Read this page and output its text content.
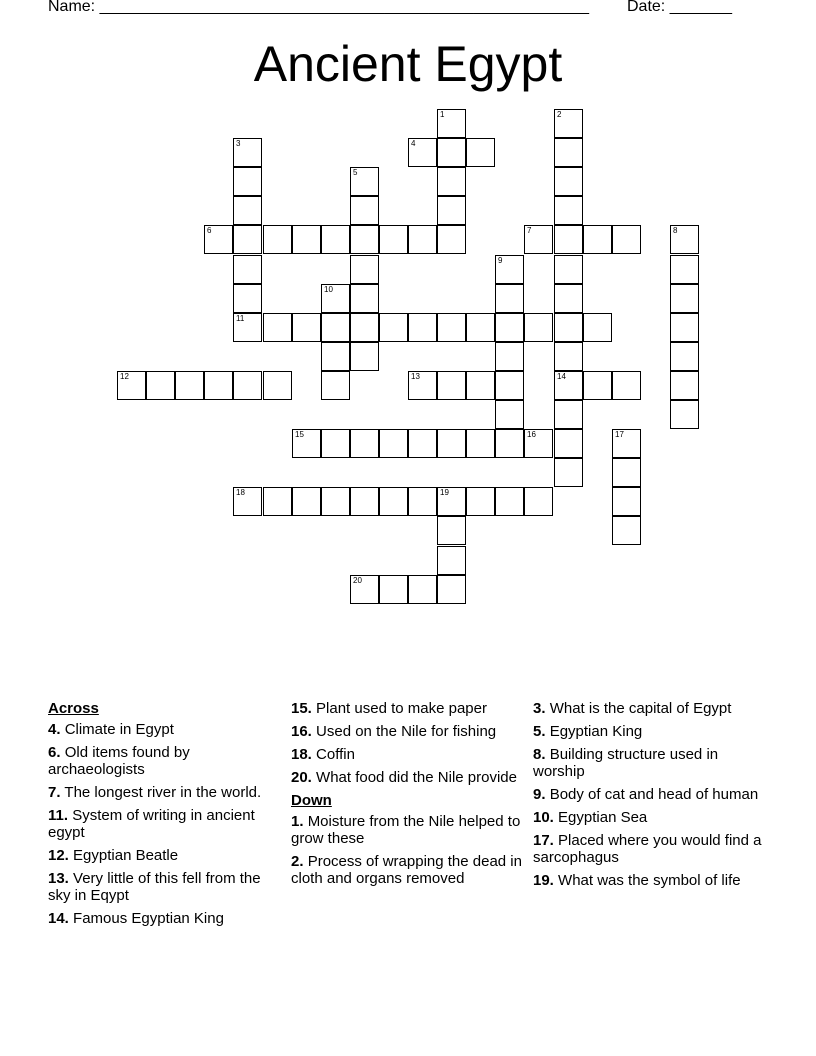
Name: _______________________________________________________ Date: _______
Ancient Egypt
1	2
14
3	4
5
6	7	8
9
10
11
12	13
15	16	17
18	19
20
Across
4. Climate in Egypt
6. Old items found by archaeologists
7. The longest river in the world.
11. System of writing in ancient egypt
12. Egyptian Beatle
13. Very little of this fell from the sky in Eqypt
14. Famous Egyptian King
15. Plant used to make paper
16. Used on the Nile for fishing
18. Coffin
20. What food did the Nile provide
Down
1. Moisture from the Nile helped to grow these
2. Process of wrapping the dead in cloth and organs removed
3. What is the capital of Egypt
5. Egyptian King
8. Building structure used in worship
9. Body of cat and head of human
10. Egyptian Sea
17. Placed where you would find a sarcophagus
19. What was the symbol of life
